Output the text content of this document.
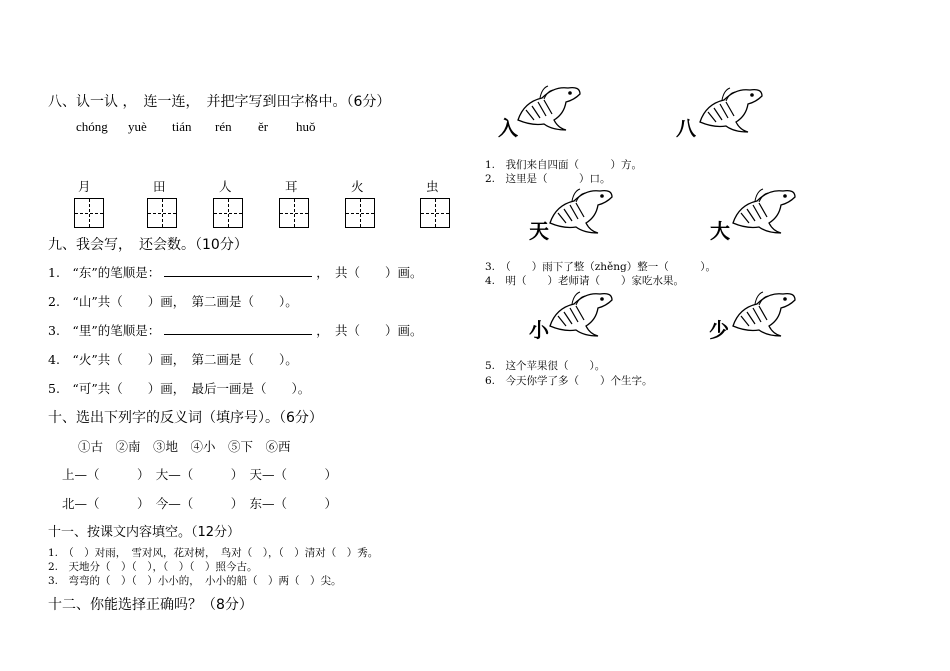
八、认一认 ，　连一连，　并把字写到田字格中。（6分）
chóng yuè tián rén ěr huǒ
月	田	人	耳	火	虫
九、我会写，　还会数。（10分）
1.　“东”的笔顺是：	，　共（　　）画。
2.　“山”共（　　）画，　第二画是（　　）。
3.　“里”的笔顺是：	，　共（　　）画。
4.　“火”共（　　）画，　第二画是（　　）。
5.　“可”共（　　）画，　最后一画是（　　）。
十、选出下列字的反义词（填序号）。（6分）
①古　②南　③地　④小　⑤下　⑥西
上—（　　　）　大—（　　　）　天—（　　　）
北—（　　　）　今—（　　　）　东—（　　　）
十一、按课文内容填空。（12分）
1.　（　）对雨，　雪对风，花对树，　鸟对（　），（　）清对（　）秀。
2.　天地分（　）（　），（　）（　）照今古。
3.　弯弯的（　）（　）小小的，　小小的船（　）两（　）尖。
十二、你能选择正确吗？（8分）
入	八
1.　我们来自四面（　　　）方。
2.　这里是（　　　）口。
天	大
3.　（　　）雨下了整（zhěng）整一（　　　）。
4.　明（　　）老师请（　　）家吃水果。
小	少
5.　这个苹果很（　　）。
6.　今天你学了多（　　）个生字。
